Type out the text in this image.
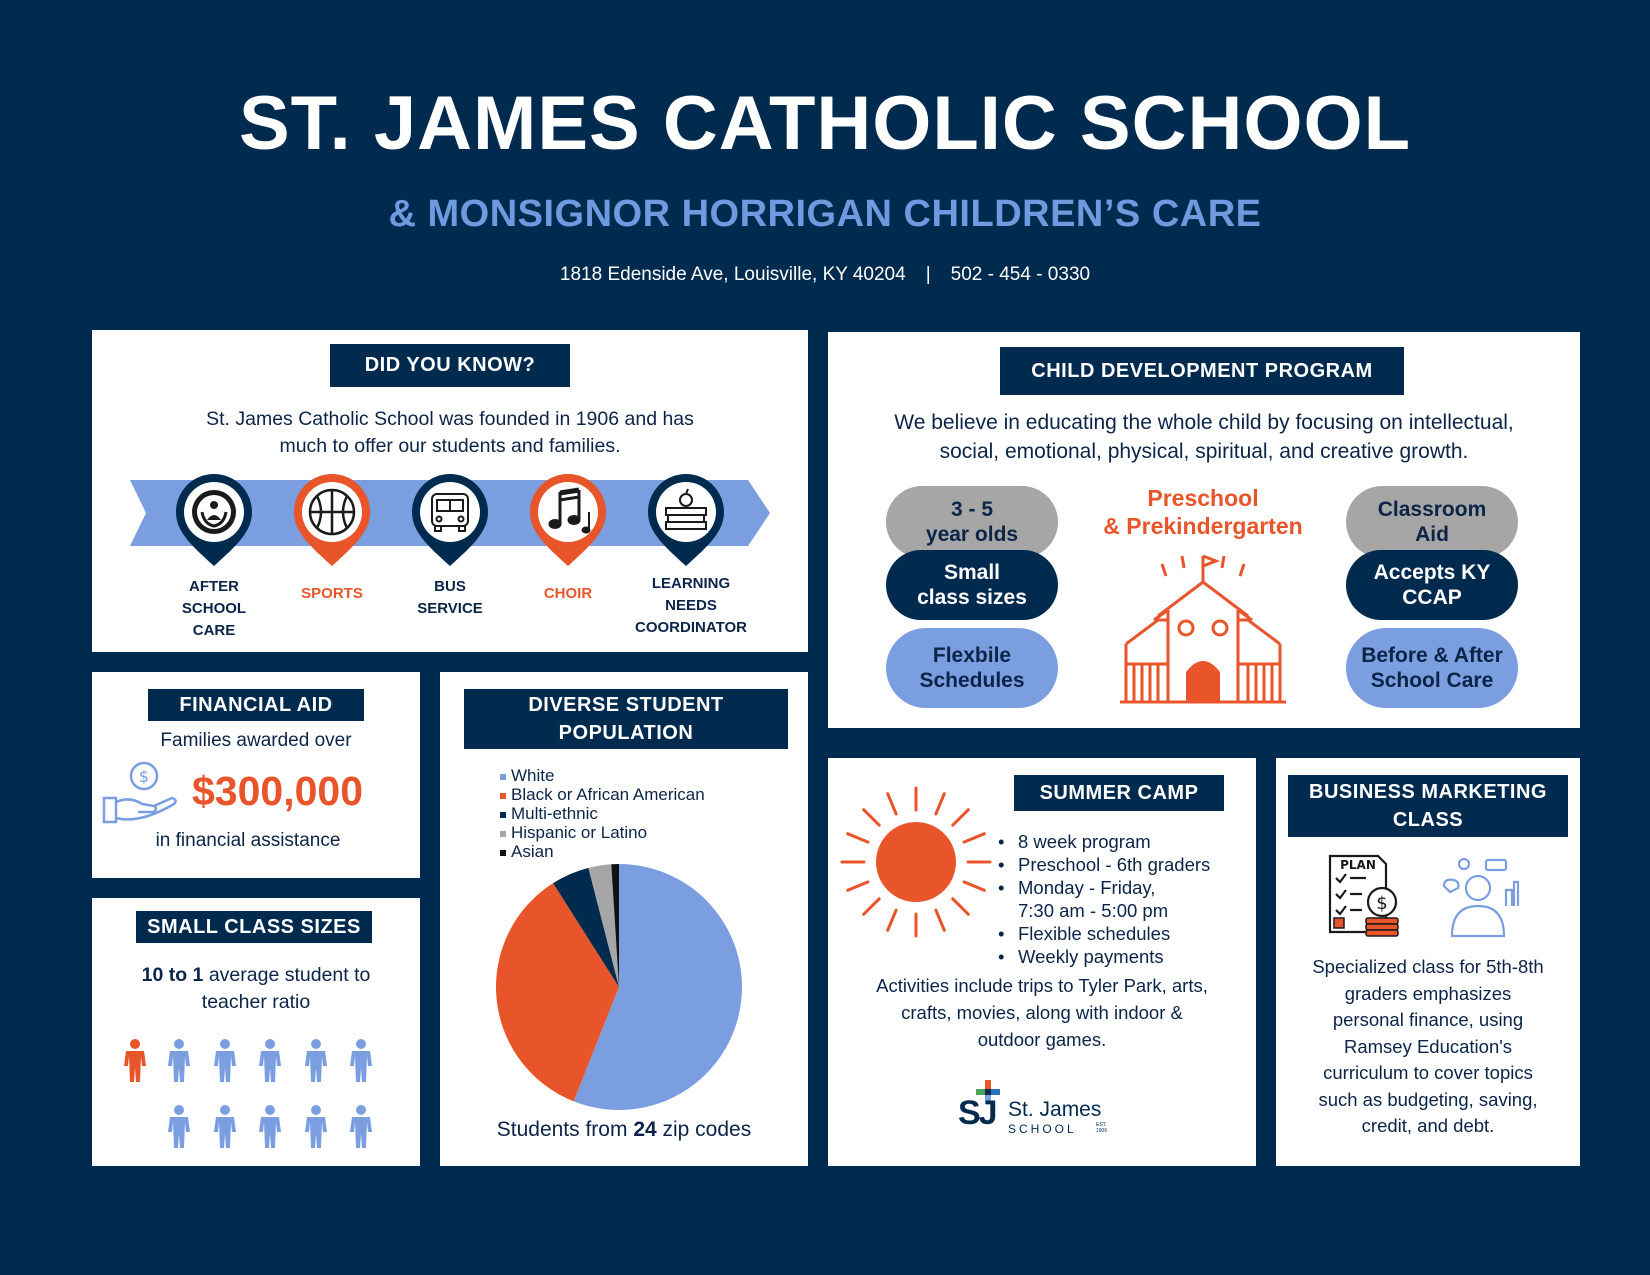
ST. JAMES CATHOLIC SCHOOL
& MONSIGNOR HORRIGAN CHILDREN’S CARE
1818 Edenside Ave, Louisville, KY 40204 | 502 - 454 - 0330
DID YOU KNOW?
St. James Catholic School was founded in 1906 and has
much to offer our students and families.
AFTER
SCHOOL
CARE
SPORTS	BUS
SERVICE
CHOIR
LEARNING
NEEDS
COORDINATOR
CHILD DEVELOPMENT PROGRAM
We believe in educating the whole child by focusing on intellectual,
social, emotional, physical, spiritual, and creative growth.
3 - 5
year olds
Small
class sizes
Flexbile
Schedules
Classroom
Aid
Accepts KY
CCAP
Before & After
School Care
Preschool
& Prekindergarten
FINANCIAL AID
Families awarded over
$ $300,000
in financial assistance
SMALL CLASS SIZES
10 to 1 average student to
teacher ratio
DIVERSE STUDENT
POPULATION
White
Black or African American
Multi-ethnic
Hispanic or Latino
Asian
Students from 24 zip codes
SUMMER CAMP
• 8 week program
• Preschool - 6th graders
• Monday - Friday,
7:30 am - 5:00 pm
• Flexible schedules
• Weekly payments
Activities include trips to Tyler Park, arts,
crafts, movies, along with indoor &
outdoor games.
SJ St. James
SCHOOL	EST. 1906
BUSINESS MARKETING
CLASS
$
PLAN
Specialized class for 5th-8th
graders emphasizes
personal finance, using
Ramsey Education's
curriculum to cover topics
such as budgeting, saving,
credit, and debt.
